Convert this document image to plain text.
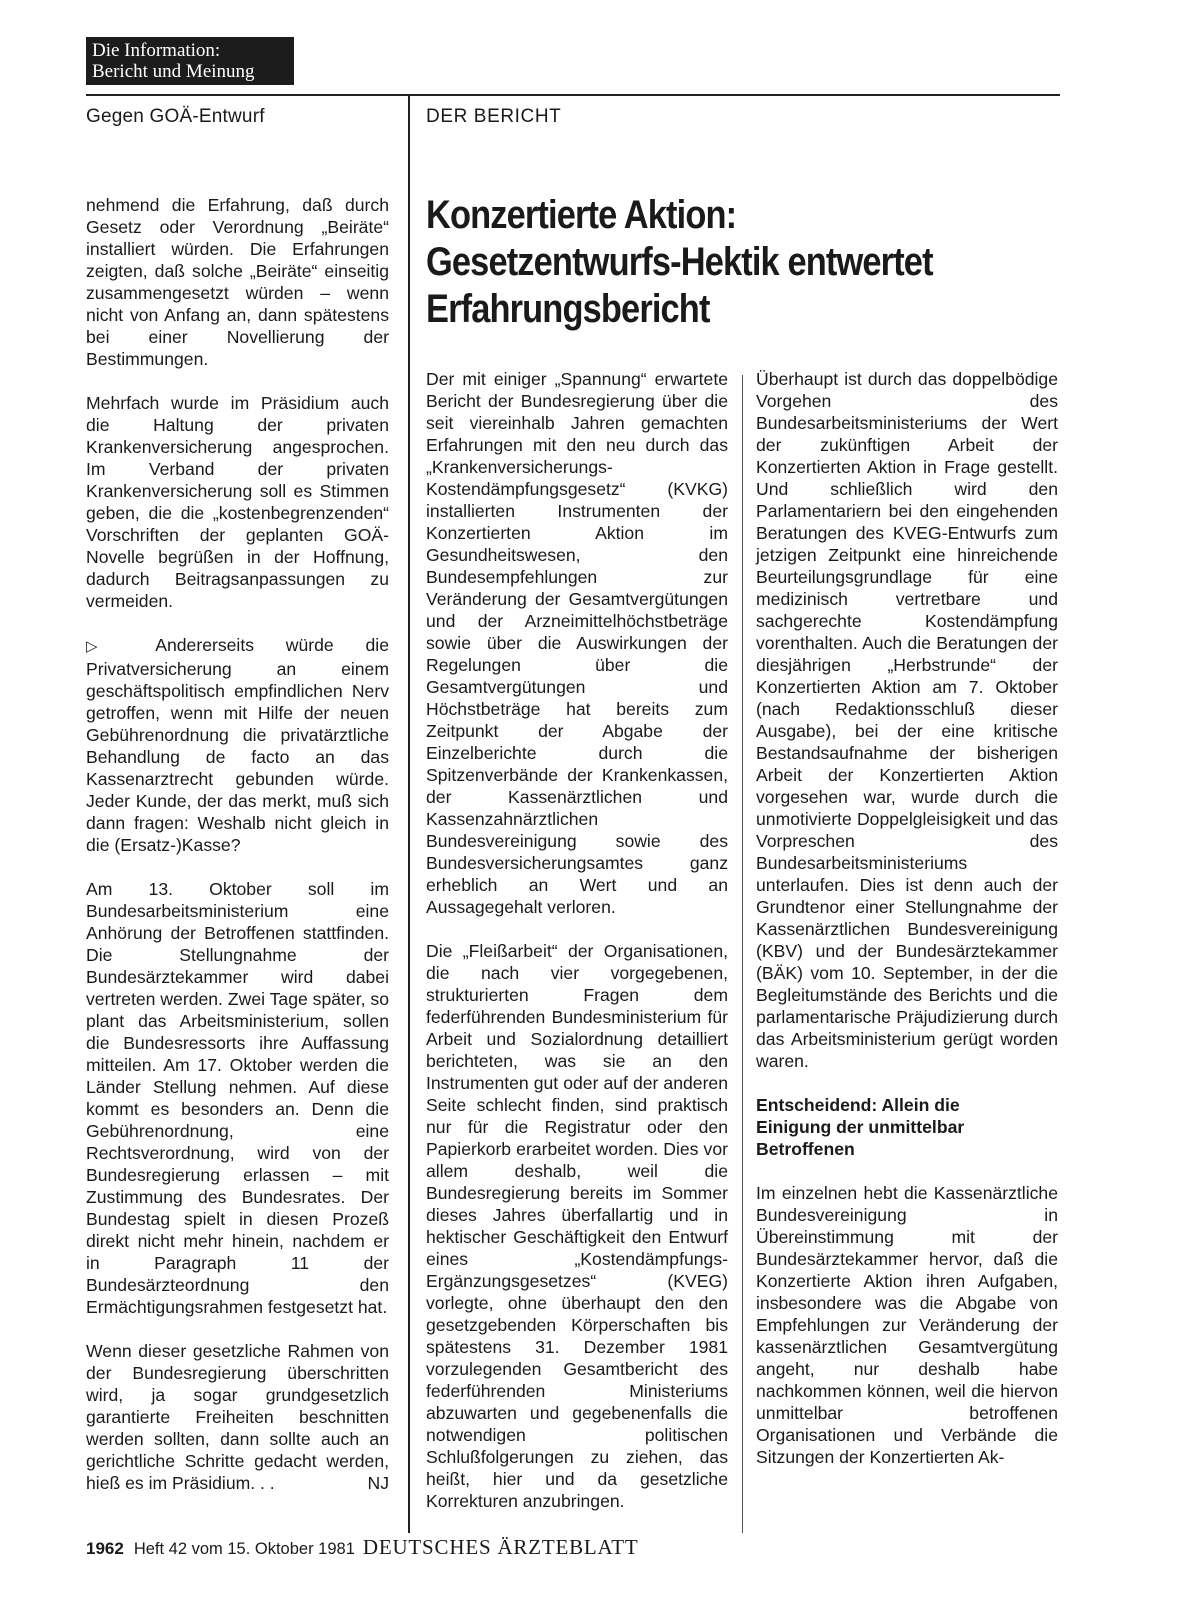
Die Information:
Bericht und Meinung
Gegen GOÄ-Entwurf	DER BERICHT
Konzertierte Aktion:
Gesetzentwurfs-Hektik entwertet
Erfahrungsbericht

nehmend die Erfahrung, daß durch Gesetz oder Verordnung „Beiräte“ installiert würden. Die Erfahrungen zeigten, daß solche „Beiräte“ einseitig zusammengesetzt würden – wenn nicht von Anfang an, dann spätestens bei einer Novellierung der Bestimmungen.

Mehrfach wurde im Präsidium auch die Haltung der privaten Krankenversicherung angesprochen. Im Verband der privaten Krankenversicherung soll es Stimmen geben, die die „kostenbegrenzenden“ Vorschriften der geplanten GOÄ-Novelle begrüßen in der Hoffnung, dadurch Beitragsanpassungen zu vermeiden.

▷ Andererseits würde die Privatversicherung an einem geschäftspolitisch empfindlichen Nerv getroffen, wenn mit Hilfe der neuen Gebührenordnung die privatärztliche Behandlung de facto an das Kassenarztrecht gebunden würde. Jeder Kunde, der das merkt, muß sich dann fragen: Weshalb nicht gleich in die (Ersatz-)Kasse?

Am 13. Oktober soll im Bundesarbeitsministerium eine Anhörung der Betroffenen stattfinden. Die Stellungnahme der Bundesärztekammer wird dabei vertreten werden. Zwei Tage später, so plant das Arbeitsministerium, sollen die Bundesressorts ihre Auffassung mitteilen. Am 17. Oktober werden die Länder Stellung nehmen. Auf diese kommt es besonders an. Denn die Gebührenordnung, eine Rechtsverordnung, wird von der Bundesregierung erlassen – mit Zustimmung des Bundesrates. Der Bundestag spielt in diesen Prozeß direkt nicht mehr hinein, nachdem er in Paragraph 11 der Bundesärzteordnung den Ermächtigungsrahmen festgesetzt hat.

Wenn dieser gesetzliche Rahmen von der Bundesregierung überschritten wird, ja sogar grundgesetzlich garantierte Freiheiten beschnitten werden sollten, dann sollte auch an gerichtliche Schritte gedacht werden, hieß es im Präsidium. . .	NJ

Der mit einiger „Spannung“ erwartete Bericht der Bundesregierung über die seit viereinhalb Jahren gemachten Erfahrungen mit den neu durch das „Krankenversicherungs-Kostendämpfungsgesetz“ (KVKG) installierten Instrumenten der Konzertierten Aktion im Gesundheitswesen, den Bundesempfehlungen zur Veränderung der Gesamtvergütungen und der Arzneimittelhöchstbeträge sowie über die Auswirkungen der Regelungen über die Gesamtvergütungen und Höchstbeträge hat bereits zum Zeitpunkt der Abgabe der Einzelberichte durch die Spitzenverbände der Krankenkassen, der Kassenärztlichen und Kassenzahnärztlichen Bundesvereinigung sowie des Bundesversicherungsamtes ganz erheblich an Wert und an Aussagegehalt verloren.

Die „Fleißarbeit“ der Organisationen, die nach vier vorgegebenen, strukturierten Fragen dem federführenden Bundesministerium für Arbeit und Sozialordnung detailliert berichteten, was sie an den Instrumenten gut oder auf der anderen Seite schlecht finden, sind praktisch nur für die Registratur oder den Papierkorb erarbeitet worden. Dies vor allem deshalb, weil die Bundesregierung bereits im Sommer dieses Jahres überfallartig und in hektischer Geschäftigkeit den Entwurf eines „Kostendämpfungs-Ergänzungsgesetzes“ (KVEG) vorlegte, ohne überhaupt den den gesetzgebenden Körperschaften bis spätestens 31. Dezember 1981 vorzulegenden Gesamtbericht des federführenden Ministeriums abzuwarten und gegebenenfalls die notwendigen politischen Schlußfolgerungen zu ziehen, das heißt, hier und da gesetzliche Korrekturen anzubringen.

Überhaupt ist durch das doppelbödige Vorgehen des Bundesarbeitsministeriums der Wert der zukünftigen Arbeit der Konzertierten Aktion in Frage gestellt. Und schließlich wird den Parlamentariern bei den eingehenden Beratungen des KVEG-Entwurfs zum jetzigen Zeitpunkt eine hinreichende Beurteilungsgrundlage für eine medizinisch vertretbare und sachgerechte Kostendämpfung vorenthalten. Auch die Beratungen der diesjährigen „Herbstrunde“ der Konzertierten Aktion am 7. Oktober (nach Redaktionsschluß dieser Ausgabe), bei der eine kritische Bestandsaufnahme der bisherigen Arbeit der Konzertierten Aktion vorgesehen war, wurde durch die unmotivierte Doppelgleisigkeit und das Vorpreschen des Bundesarbeitsministeriums unterlaufen. Dies ist denn auch der Grundtenor einer Stellungnahme der Kassenärztlichen Bundesvereinigung (KBV) und der Bundesärztekammer (BÄK) vom 10. September, in der die Begleitumstände des Berichts und die parlamentarische Präjudizierung durch das Arbeitsministerium gerügt worden waren.

Entscheidend: Allein die
Einigung der unmittelbar
Betroffenen

Im einzelnen hebt die Kassenärztliche Bundesvereinigung in Übereinstimmung mit der Bundesärztekammer hervor, daß die Konzertierte Aktion ihren Aufgaben, insbesondere was die Abgabe von Empfehlungen zur Veränderung der kassenärztlichen Gesamtvergütung angeht, nur deshalb habe nachkommen können, weil die hiervon unmittelbar betroffenen Organisationen und Verbände die Sitzungen der Konzertierten Ak-

1962 Heft 42 vom 15. Oktober 1981 DEUTSCHES ÄRZTEBLATT
